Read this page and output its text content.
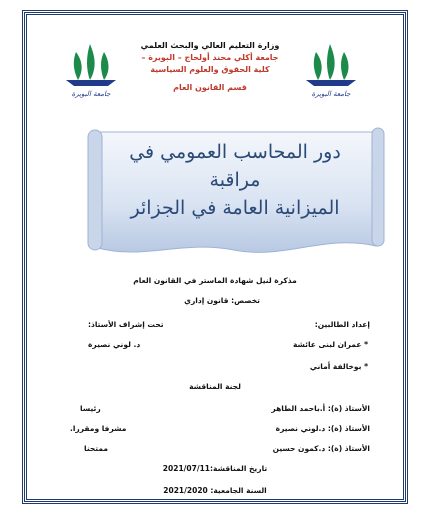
جامعة البويرة	جامعة البويرة
وزارة التعليم العالي والبحث العلمي
جامعة أكلي محند أولحاج – البويرة –
كلية الحقوق والعلوم السياسية
قسم القانون العام
دور المحاسب العمومي في مراقبة
الميزانية العامة في الجزائر
مذكرة لنيل شهادة الماستر في القانون العام
تخصص: قانون إداري
إعداد الطالبين:
تحت إشراف الأستاذ:
* عمران لبنى عائشة
د. لوني نصيرة
* بوخالفة أماني
لجنة المناقشة
الأستاذ (ة): أ.باحمد الطاهر
رئيسا
الأستاذ (ة): د.لوني نصيرة
مشرفا ومقررا.
الأستاذ (ة): د.كمون حسين
ممتحنا
تاريخ المناقشة:2021/07/11
السنة الجامعية: 2021/2020
